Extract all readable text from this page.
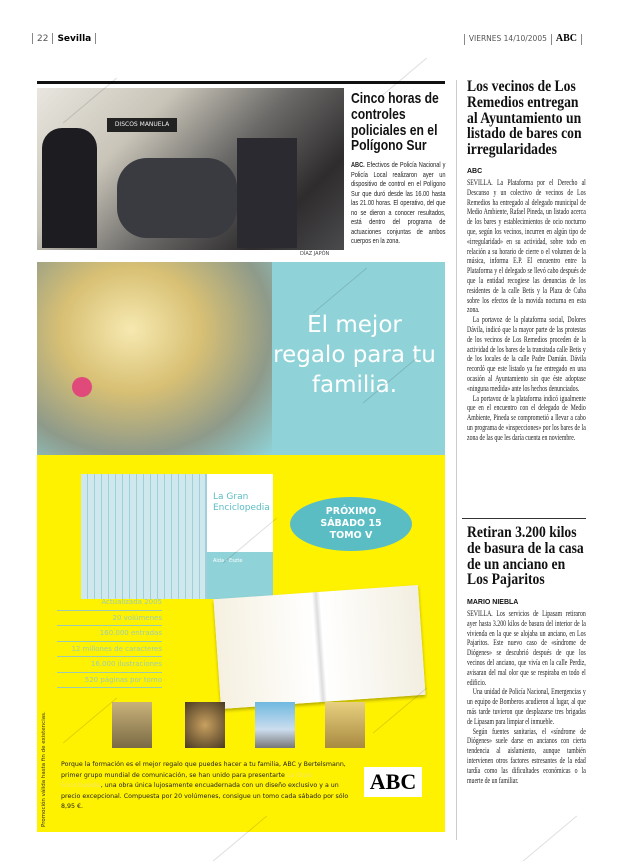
22 Sevilla	VIERNES 14/10/2005 ABC
DISCOS MANUELA
DÍAZ JAPÓN
Cinco horas de controles policiales en el Polígono Sur
ABC. Efectivos de Policía Nacional y Policía Local realizaron ayer un dispositivo de control en el Polígono Sur que duró desde las 16.00 hasta las 21.00 horas. El operativo, del que no se dieron a conocer resultados, está dentro del programa de actuaciones conjuntas de ambos cuerpos en la zona.
Los vecinos de Los Remedios entregan al Ayuntamiento un listado de bares con irregularidades
ABC

SEVILLA. La Plataforma por el Derecho al Descanso y un colectivo de vecinos de Los Remedios ha entregado al delegado municipal de Medio Ambiente, Rafael Pineda, un listado acerca de los bares y establecimientos de ocio nocturno que, según los vecinos, incurren en algún tipo de «irregularidad» en su actividad, sobre todo en relación a su horario de cierre o el volumen de la música, informa E.P. El encuentro entre la Plataforma y el delegado se llevó cabo después de que la entidad recogiese las denuncias de los residentes de la calle Betis y la Plaza de Cuba sobre los efectos de la movida nocturna en esta zona.

La portavoz de la plataforma social, Dolores Dávila, indicó que la mayor parte de las protestas de los vecinos de Los Remedios proceden de la actividad de los bares de la transitada calle Betis y de los locales de la calle Padre Damián. Dávila recordó que este listado ya fue entregado en una ocasión al Ayuntamiento sin que éste adoptase «ninguna medida» ante los hechos denunciados.

La portavoz de la plataforma indicó igualmente que en el encuentro con el delegado de Medio Ambiente, Pineda se comprometió a llevar a cabo un programa de «inspecciones» por los bares de la zona de las que les daría cuenta en noviembre.

Retiran 3.200 kilos de basura de la casa de un anciano en Los Pajaritos
MARIO NIEBLA

SEVILLA. Los servicios de Lipasam retiraron ayer hasta 3.200 kilos de basura del interior de la vivienda en la que se alojaba un anciano, en Los Pajaritos. Este nuevo caso de «síndrome de Diógenes» se descubrió después de que los vecinos del anciano, que vivía en la calle Perdiz, avisaran del mal olor que se respiraba en todo el edificio.

Una unidad de Policía Nacional, Emergencias y un equipo de Bomberos acudieron al lugar, al que más tarde tuvieron que desplazarse tres brigadas de Lipasam para limpiar el inmueble.

Según fuentes sanitarias, el «síndrome de Diógenes» suele darse en ancianos con cierta tendencia al aislamiento, aunque también intervienen otros factores estresantes de la edad tardía como las dificultades económicas o la muerte de un familiar.

El mejor regalo para tu familia.
La Gran Enciclopedia
Aida - Eszte
PRÓXIMO
SÁBADO 15
TOMO V
Actualizada 2005
20 volúmenes
160.000 entradas
12 millones de caracteres
16.000 ilustraciones
520 páginas por tomo
Promoción válida hasta fin de existencias. Porque la formación es el mejor regalo que puedes hacer a tu familia, ABC y Bertelsmann, primer grupo mundial de comunicación, se han unido para presentarte La Gran Enciclopedia, una obra única lujosamente encuadernada con un diseño exclusivo y a un precio excepcional. Compuesta por 20 volúmenes, consigue un tomo cada sábado por sólo 8,95 €.
ABC
